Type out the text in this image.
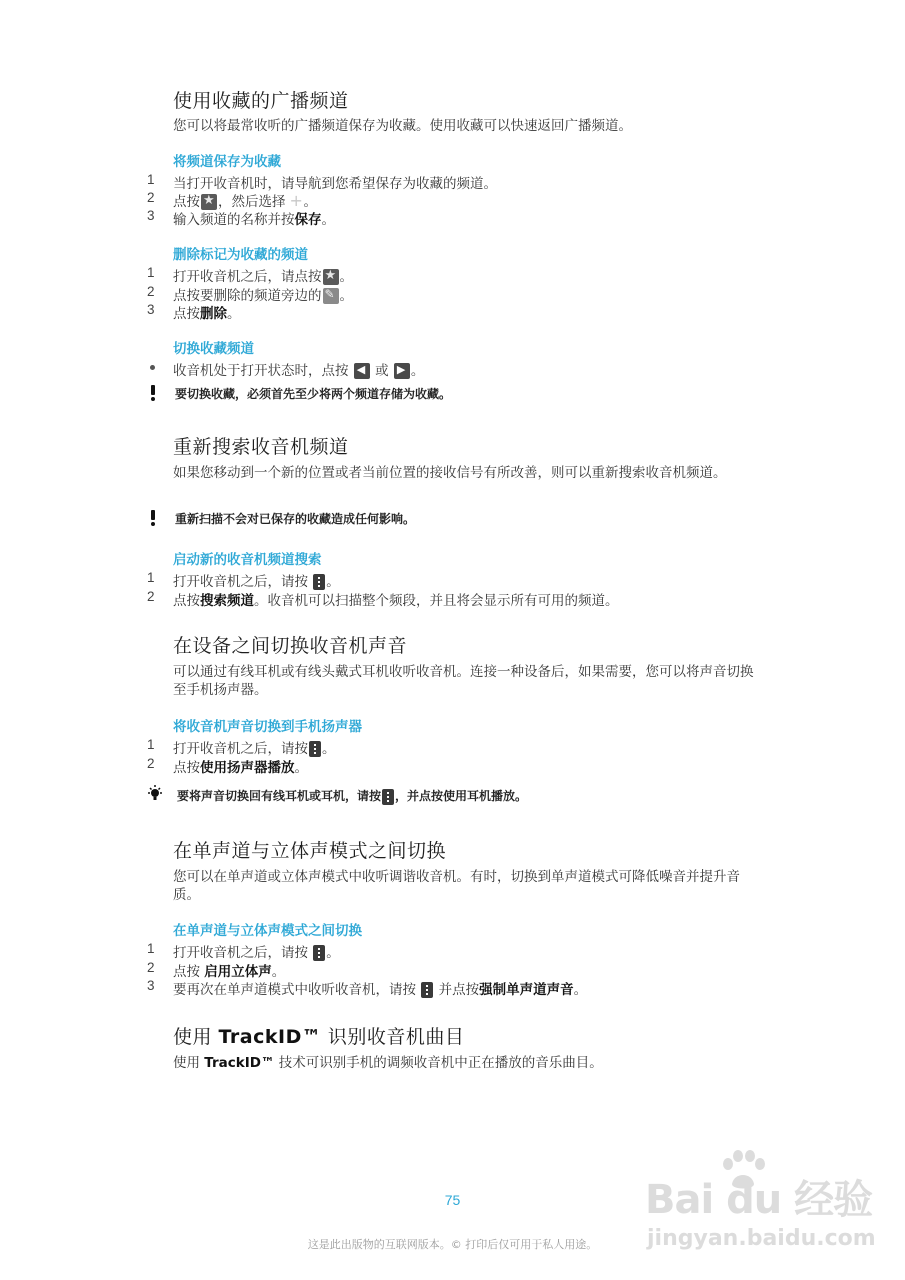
使用收藏的广播频道
您可以将最常收听的广播频道保存为收藏。使用收藏可以快速返回广播频道。
将频道保存为收藏
1	当打开收音机时，请导航到您希望保存为收藏的频道。
2	点按 ★ ，然后选择 + 。
3	输入频道的名称并按保存。
删除标记为收藏的频道
1	打开收音机之后，请点按 ★ 。
2	点按要删除的频道旁边的 ✎ 。
3	点按删除。
切换收藏频道
收音机处于打开状态时，点按 ◀ 或 ▶ 。
要切换收藏，必须首先至少将两个频道存储为收藏。
重新搜索收音机频道
如果您移动到一个新的位置或者当前位置的接收信号有所改善，则可以重新搜索收音机频道。
重新扫描不会对已保存的收藏造成任何影响。
启动新的收音机频道搜索
1	打开收音机之后，请按 。
2	点按搜索频道。收音机可以扫描整个频段，并且将会显示所有可用的频道。
在设备之间切换收音机声音
可以通过有线耳机或有线头戴式耳机收听收音机。连接一种设备后，如果需要，您可以将声音切换至手机扬声器。
将收音机声音切换到手机扬声器
1	打开收音机之后，请按 。
2	点按使用扬声器播放。
要将声音切换回有线耳机或耳机，请按 ，并点按使用耳机播放。
在单声道与立体声模式之间切换
您可以在单声道或立体声模式中收听调谐收音机。有时，切换到单声道模式可降低噪音并提升音质。
在单声道与立体声模式之间切换
1	打开收音机之后，请按 。
2	点按 启用立体声。
3	要再次在单声道模式中收听收音机，请按 并点按强制单声道声音。
使用 TrackID™ 识别收音机曲目
使用 TrackID™ 技术可识别手机的调频收音机中正在播放的音乐曲目。
75
这是此出版物的互联网版本。© 打印后仅可用于私人用途。
Bai du 经验
jingyan.baidu.com
